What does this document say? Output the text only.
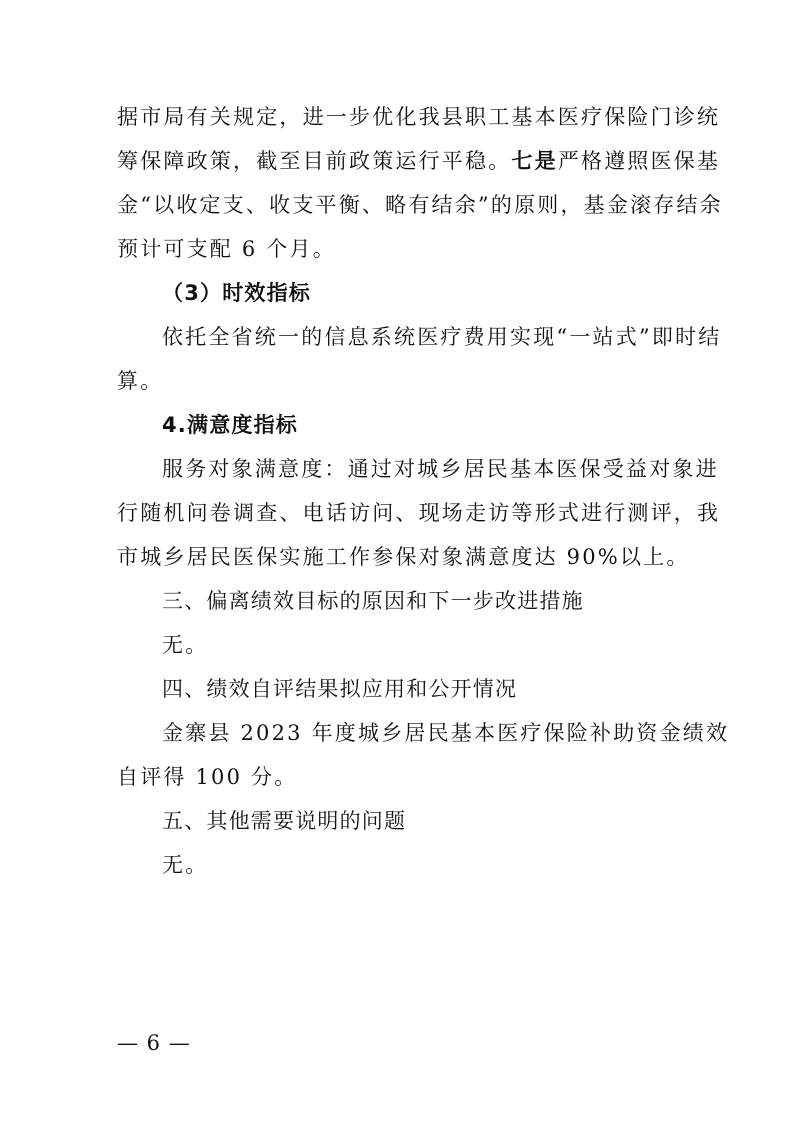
据市局有关规定，进一步优化我县职工基本医疗保险门诊统
筹保障政策，截至目前政策运行平稳。七是严格遵照医保基
金“以收定支、收支平衡、略有结余”的原则，基金滚存结余
预计可支配 6 个月。
（3）时效指标
依托全省统一的信息系统医疗费用实现“一站式”即时结
算。
4.满意度指标
服务对象满意度：通过对城乡居民基本医保受益对象进
行随机问卷调查、电话访问、现场走访等形式进行测评，我
市城乡居民医保实施工作参保对象满意度达 90%以上。
三、偏离绩效目标的原因和下一步改进措施
无。
四、绩效自评结果拟应用和公开情况
金寨县 2023 年度城乡居民基本医疗保险补助资金绩效
自评得 100 分。
五、其他需要说明的问题
无。
— 6 —
